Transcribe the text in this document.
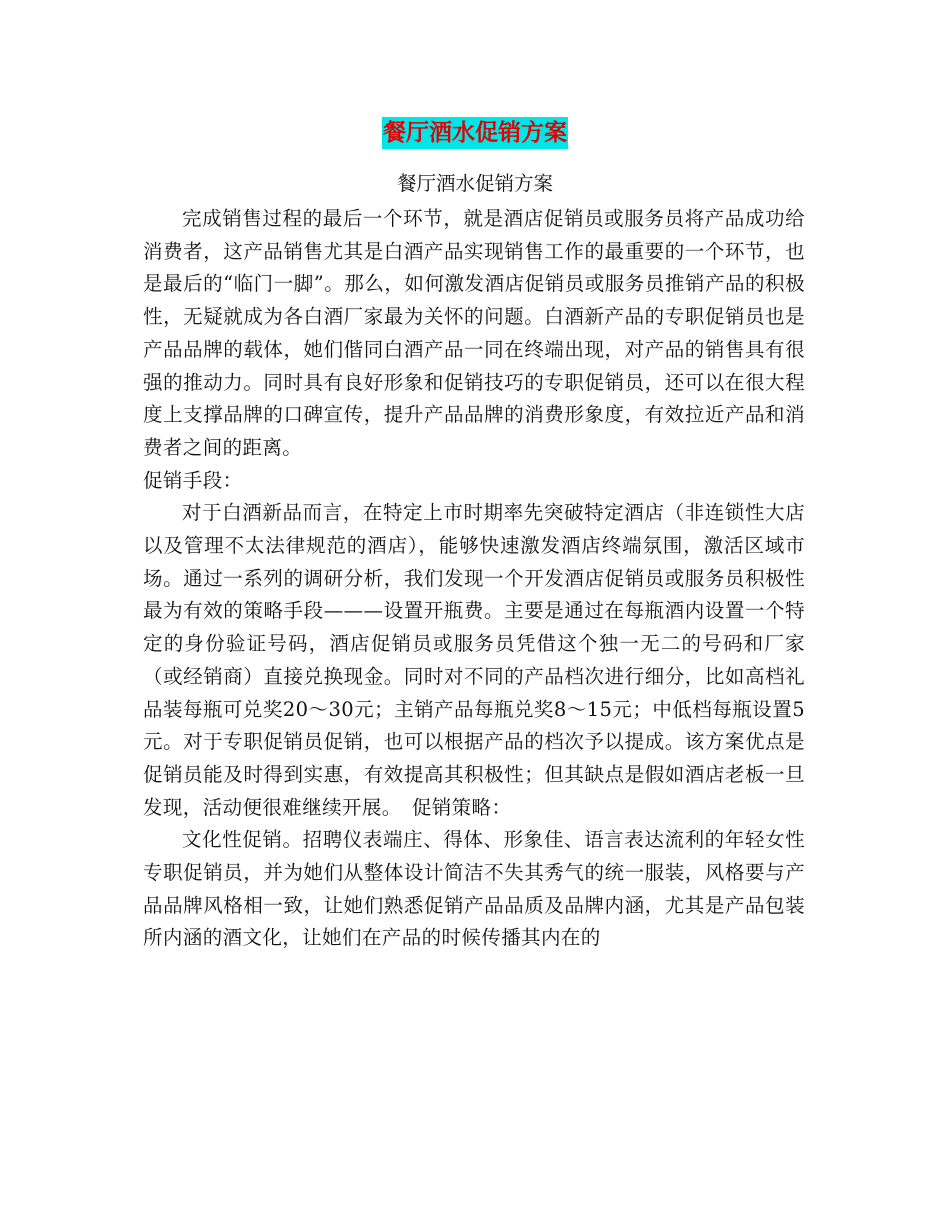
餐厅酒水促销方案
餐厅酒水促销方案

完成销售过程的最后一个环节，就是酒店促销员或服务员将产品成功给消费者，这产品销售尤其是白酒产品实现销售工作的最重要的一个环节，也是最后的“临门一脚”。那么，如何激发酒店促销员或服务员推销产品的积极性，无疑就成为各白酒厂家最为关怀的问题。白酒新产品的专职促销员也是产品品牌的载体，她们偕同白酒产品一同在终端出现，对产品的销售具有很强的推动力。同时具有良好形象和促销技巧的专职促销员，还可以在很大程度上支撑品牌的口碑宣传，提升产品品牌的消费形象度，有效拉近产品和消费者之间的距离。

促销手段：

对于白酒新品而言，在特定上市时期率先突破特定酒店（非连锁性大店以及管理不太法律规范的酒店），能够快速激发酒店终端氛围，激活区域市场。通过一系列的调研分析，我们发现一个开发酒店促销员或服务员积极性最为有效的策略手段———设置开瓶费。主要是通过在每瓶酒内设置一个特定的身份验证号码，酒店促销员或服务员凭借这个独一无二的号码和厂家（或经销商）直接兑换现金。同时对不同的产品档次进行细分，比如高档礼品装每瓶可兑奖20～30元；主销产品每瓶兑奖8～15元；中低档每瓶设置5元。对于专职促销员促销，也可以根据产品的档次予以提成。该方案优点是促销员能及时得到实惠，有效提高其积极性；但其缺点是假如酒店老板一旦发现，活动便很难继续开展。　促销策略：

文化性促销。招聘仪表端庄、得体、形象佳、语言表达流利的年轻女性专职促销员，并为她们从整体设计简洁不失其秀气的统一服装，风格要与产品品牌风格相一致，让她们熟悉促销产品品质及品牌内涵，尤其是产品包装所内涵的酒文化，让她们在产品的时候传播其内在的
